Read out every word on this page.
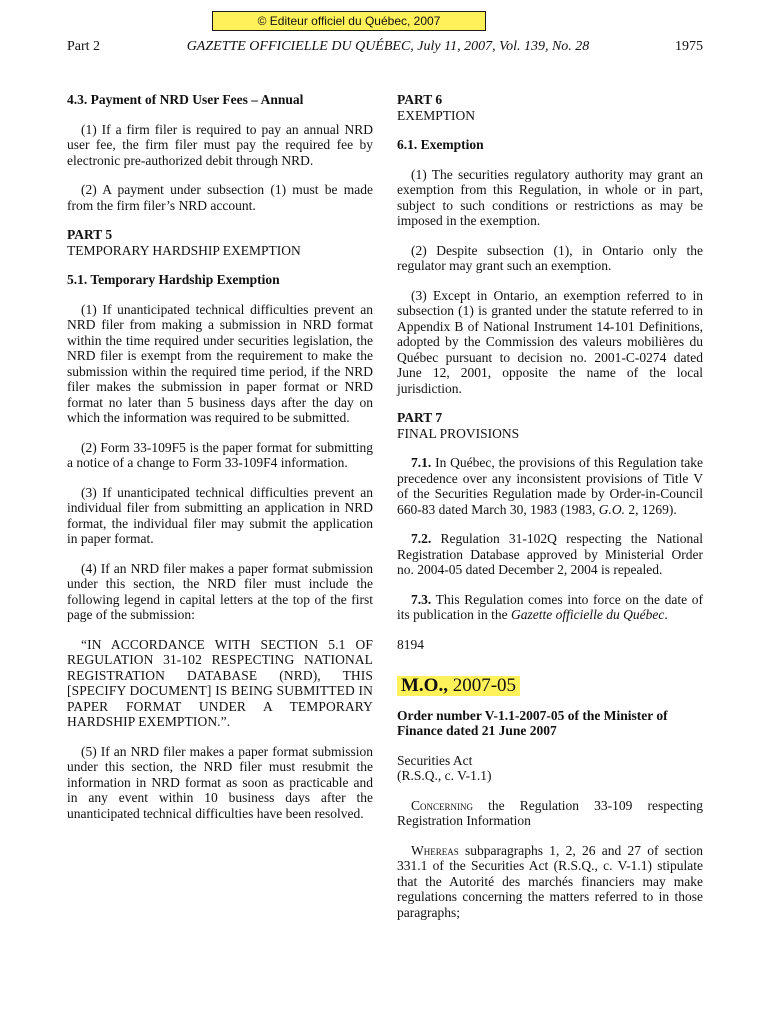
© Editeur officiel du Québec, 2007
Part 2	GAZETTE OFFICIELLE DU QUÉBEC, July 11, 2007, Vol. 139, No. 28	1975

4.3. Payment of NRD User Fees – Annual

(1) If a firm filer is required to pay an annual NRD user fee, the firm filer must pay the required fee by electronic pre-authorized debit through NRD.

(2) A payment under subsection (1) must be made from the firm filer’s NRD account.

PART 5

TEMPORARY HARDSHIP EXEMPTION

5.1. Temporary Hardship Exemption

(1) If unanticipated technical difficulties prevent an NRD filer from making a submission in NRD format within the time required under securities legislation, the NRD filer is exempt from the requirement to make the submission within the required time period, if the NRD filer makes the submission in paper format or NRD format no later than 5 business days after the day on which the information was required to be submitted.

(2) Form 33-109F5 is the paper format for submitting a notice of a change to Form 33-109F4 information.

(3) If unanticipated technical difficulties prevent an individual filer from submitting an application in NRD format, the individual filer may submit the application in paper format.

(4) If an NRD filer makes a paper format submission under this section, the NRD filer must include the following legend in capital letters at the top of the first page of the submission:

“IN ACCORDANCE WITH SECTION 5.1 OF REGULATION 31-102 RESPECTING NATIONAL REGISTRATION DATABASE (NRD), THIS [SPECIFY DOCUMENT] IS BEING SUBMITTED IN PAPER FORMAT UNDER A TEMPORARY HARDSHIP EXEMPTION.”.

(5) If an NRD filer makes a paper format submission under this section, the NRD filer must resubmit the information in NRD format as soon as practicable and in any event within 10 business days after the unanticipated technical difficulties have been resolved.

PART 6

EXEMPTION

6.1. Exemption

(1) The securities regulatory authority may grant an exemption from this Regulation, in whole or in part, subject to such conditions or restrictions as may be imposed in the exemption.

(2) Despite subsection (1), in Ontario only the regulator may grant such an exemption.

(3) Except in Ontario, an exemption referred to in subsection (1) is granted under the statute referred to in Appendix B of National Instrument 14-101 Definitions, adopted by the Commission des valeurs mobilières du Québec pursuant to decision no. 2001-C-0274 dated June 12, 2001, opposite the name of the local jurisdiction.

PART 7

FINAL PROVISIONS

7.1. In Québec, the provisions of this Regulation take precedence over any inconsistent provisions of Title V of the Securities Regulation made by Order-in-Council 660-83 dated March 30, 1983 (1983, G.O. 2, 1269).

7.2. Regulation 31-102Q respecting the National Registration Database approved by Ministerial Order no. 2004-05 dated December 2, 2004 is repealed.

7.3. This Regulation comes into force on the date of its publication in the Gazette officielle du Québec.

8194

M.O., 2007-05

Order number V-1.1-2007-05 of the Minister of Finance dated 21 June 2007

Securities Act

(R.S.Q., c. V-1.1)

Concerning the Regulation 33-109 respecting Registration Information

Whereas subparagraphs 1, 2, 26 and 27 of section 331.1 of the Securities Act (R.S.Q., c. V-1.1) stipulate that the Autorité des marchés financiers may make regulations concerning the matters referred to in those paragraphs;
